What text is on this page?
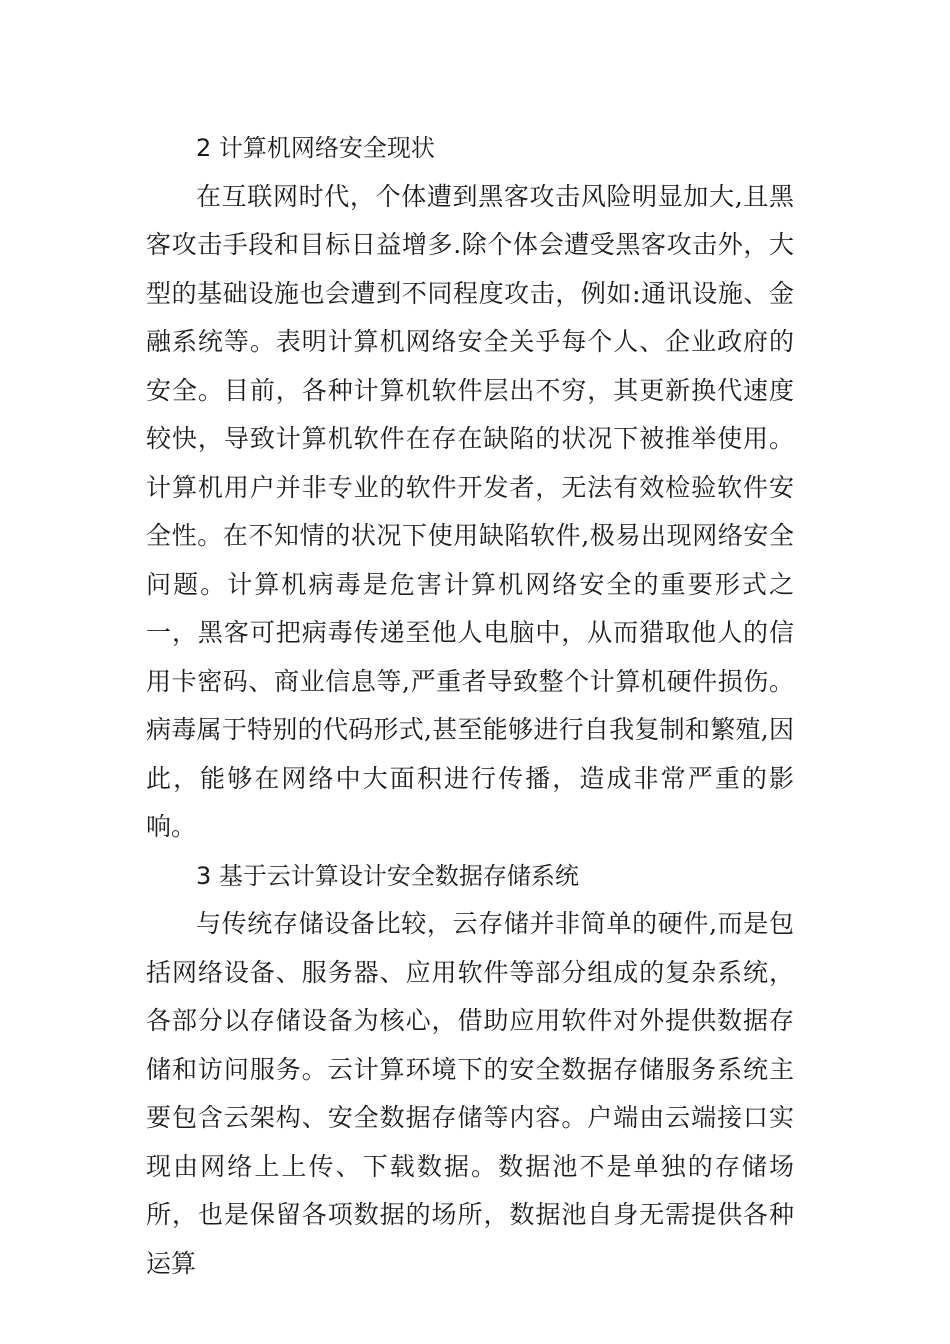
2 计算机网络安全现状

在互联网时代，个体遭到黑客攻击风险明显加大,且黑客攻击手段和目标日益增多.除个体会遭受黑客攻击外，大型的基础设施也会遭到不同程度攻击，例如:通讯设施、金融系统等。表明计算机网络安全关乎每个人、企业政府的安全。目前，各种计算机软件层出不穷，其更新换代速度较快，导致计算机软件在存在缺陷的状况下被推举使用。计算机用户并非专业的软件开发者，无法有效检验软件安全性。在不知情的状况下使用缺陷软件,极易出现网络安全问题。计算机病毒是危害计算机网络安全的重要形式之一，黑客可把病毒传递至他人电脑中，从而猎取他人的信用卡密码、商业信息等,严重者导致整个计算机硬件损伤。病毒属于特别的代码形式,甚至能够进行自我复制和繁殖,因此，能够在网络中大面积进行传播，造成非常严重的影响。

3 基于云计算设计安全数据存储系统

与传统存储设备比较，云存储并非简单的硬件,而是包括网络设备、服务器、应用软件等部分组成的复杂系统，各部分以存储设备为核心，借助应用软件对外提供数据存储和访问服务。云计算环境下的安全数据存储服务系统主要包含云架构、安全数据存储等内容。户端由云端接口实现由网络上上传、下载数据。数据池不是单独的存储场所，也是保留各项数据的场所，数据池自身无需提供各种运算
